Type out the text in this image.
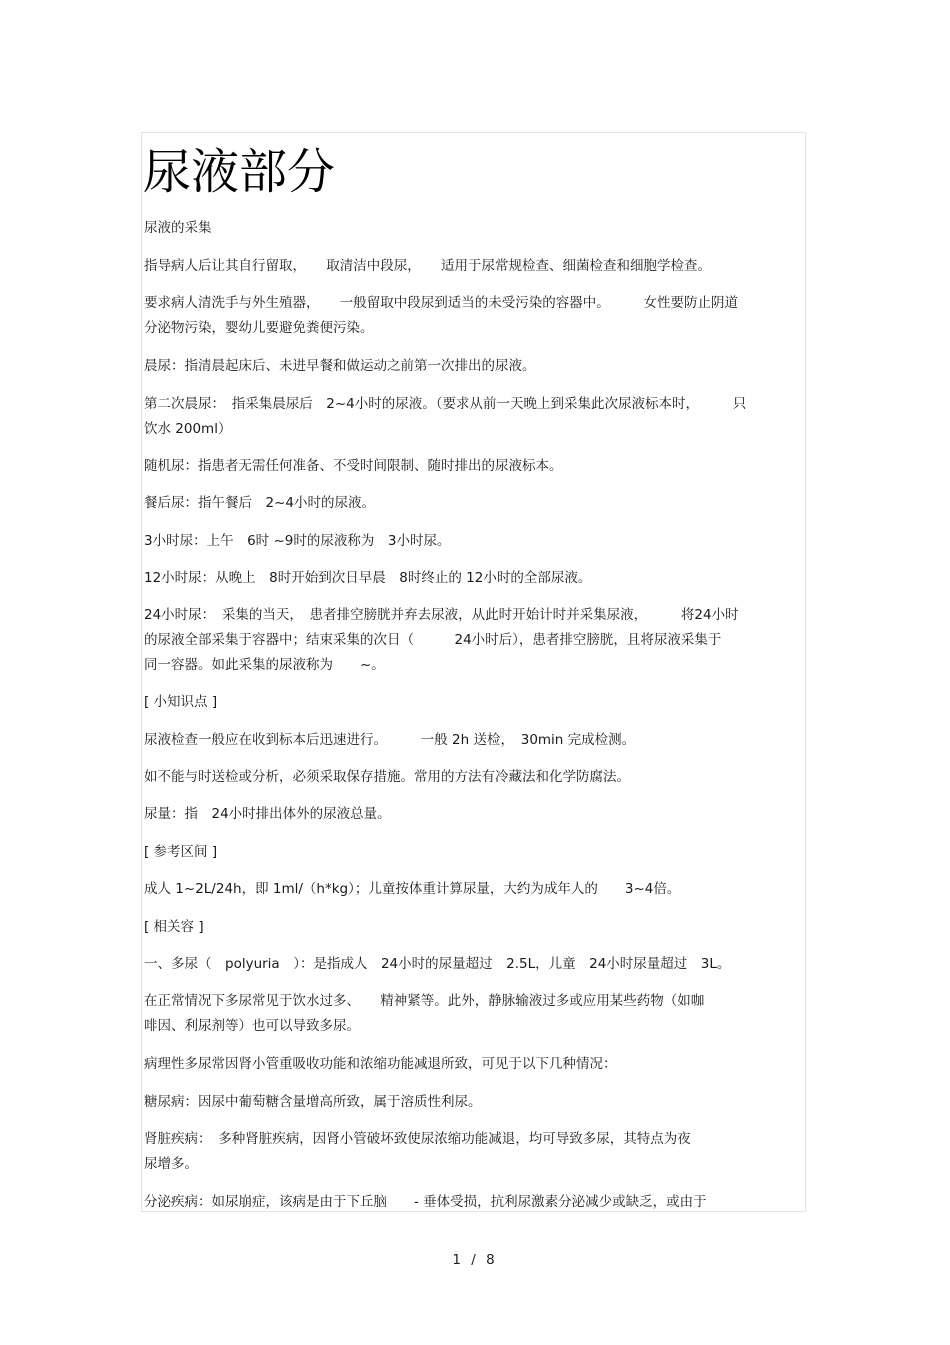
尿液部分
尿液的采集
指导病人后让其自行留取，　　取清洁中段尿，　　适用于尿常规检查、细菌检查和细胞学检查。
要求病人清洗手与外生殖器，　　一般留取中段尿到适当的未受污染的容器中。　　　女性要防止阴道
分泌物污染，婴幼儿要避免粪便污染。
晨尿：指清晨起床后、未进早餐和做运动之前第一次排出的尿液。
第二次晨尿：　指采集晨尿后　2~4小时的尿液。（要求从前一天晚上到采集此次尿液标本时，　　　只
饮水 200ml）
随机尿：指患者无需任何准备、不受时间限制、随时排出的尿液标本。
餐后尿：指午餐后　2~4小时的尿液。
3小时尿：上午　6时 ~9时的尿液称为　3小时尿。
12小时尿：从晚上　8时开始到次日早晨　8时终止的 12小时的全部尿液。
24小时尿：　采集的当天，　患者排空膀胱并弃去尿液，从此时开始计时并采集尿液，　　　将24小时
的尿液全部采集于容器中；结束采集的次日（　　　24小时后），患者排空膀胱，且将尿液采集于
同一容器。如此采集的尿液称为　　~。
[ 小知识点 ]
尿液检查一般应在收到标本后迅速进行。　　　一般 2h 送检，　30min 完成检测。
如不能与时送检或分析，必须采取保存措施。常用的方法有冷藏法和化学防腐法。
尿量：指　24小时排出体外的尿液总量。
[ 参考区间 ]
成人 1~2L/24h，即 1ml/（h*kg）；儿童按体重计算尿量，大约为成年人的　　3~4倍。
[ 相关容 ]
一、多尿（　polyuria　）：是指成人　24小时的尿量超过　2.5L，儿童　24小时尿量超过　3L。
在正常情况下多尿常见于饮水过多、　　精神紧等。此外，静脉输液过多或应用某些药物（如咖
啡因、利尿剂等）也可以导致多尿。
病理性多尿常因肾小管重吸收功能和浓缩功能减退所致，可见于以下几种情况：
糖尿病：因尿中葡萄糖含量增高所致，属于溶质性利尿。
肾脏疾病：　多种肾脏疾病，因肾小管破坏致使尿浓缩功能减退，均可导致多尿，其特点为夜
尿增多。
分泌疾病：如尿崩症，该病是由于下丘脑　　- 垂体受损，抗利尿激素分泌减少或缺乏，或由于
1 / 8
